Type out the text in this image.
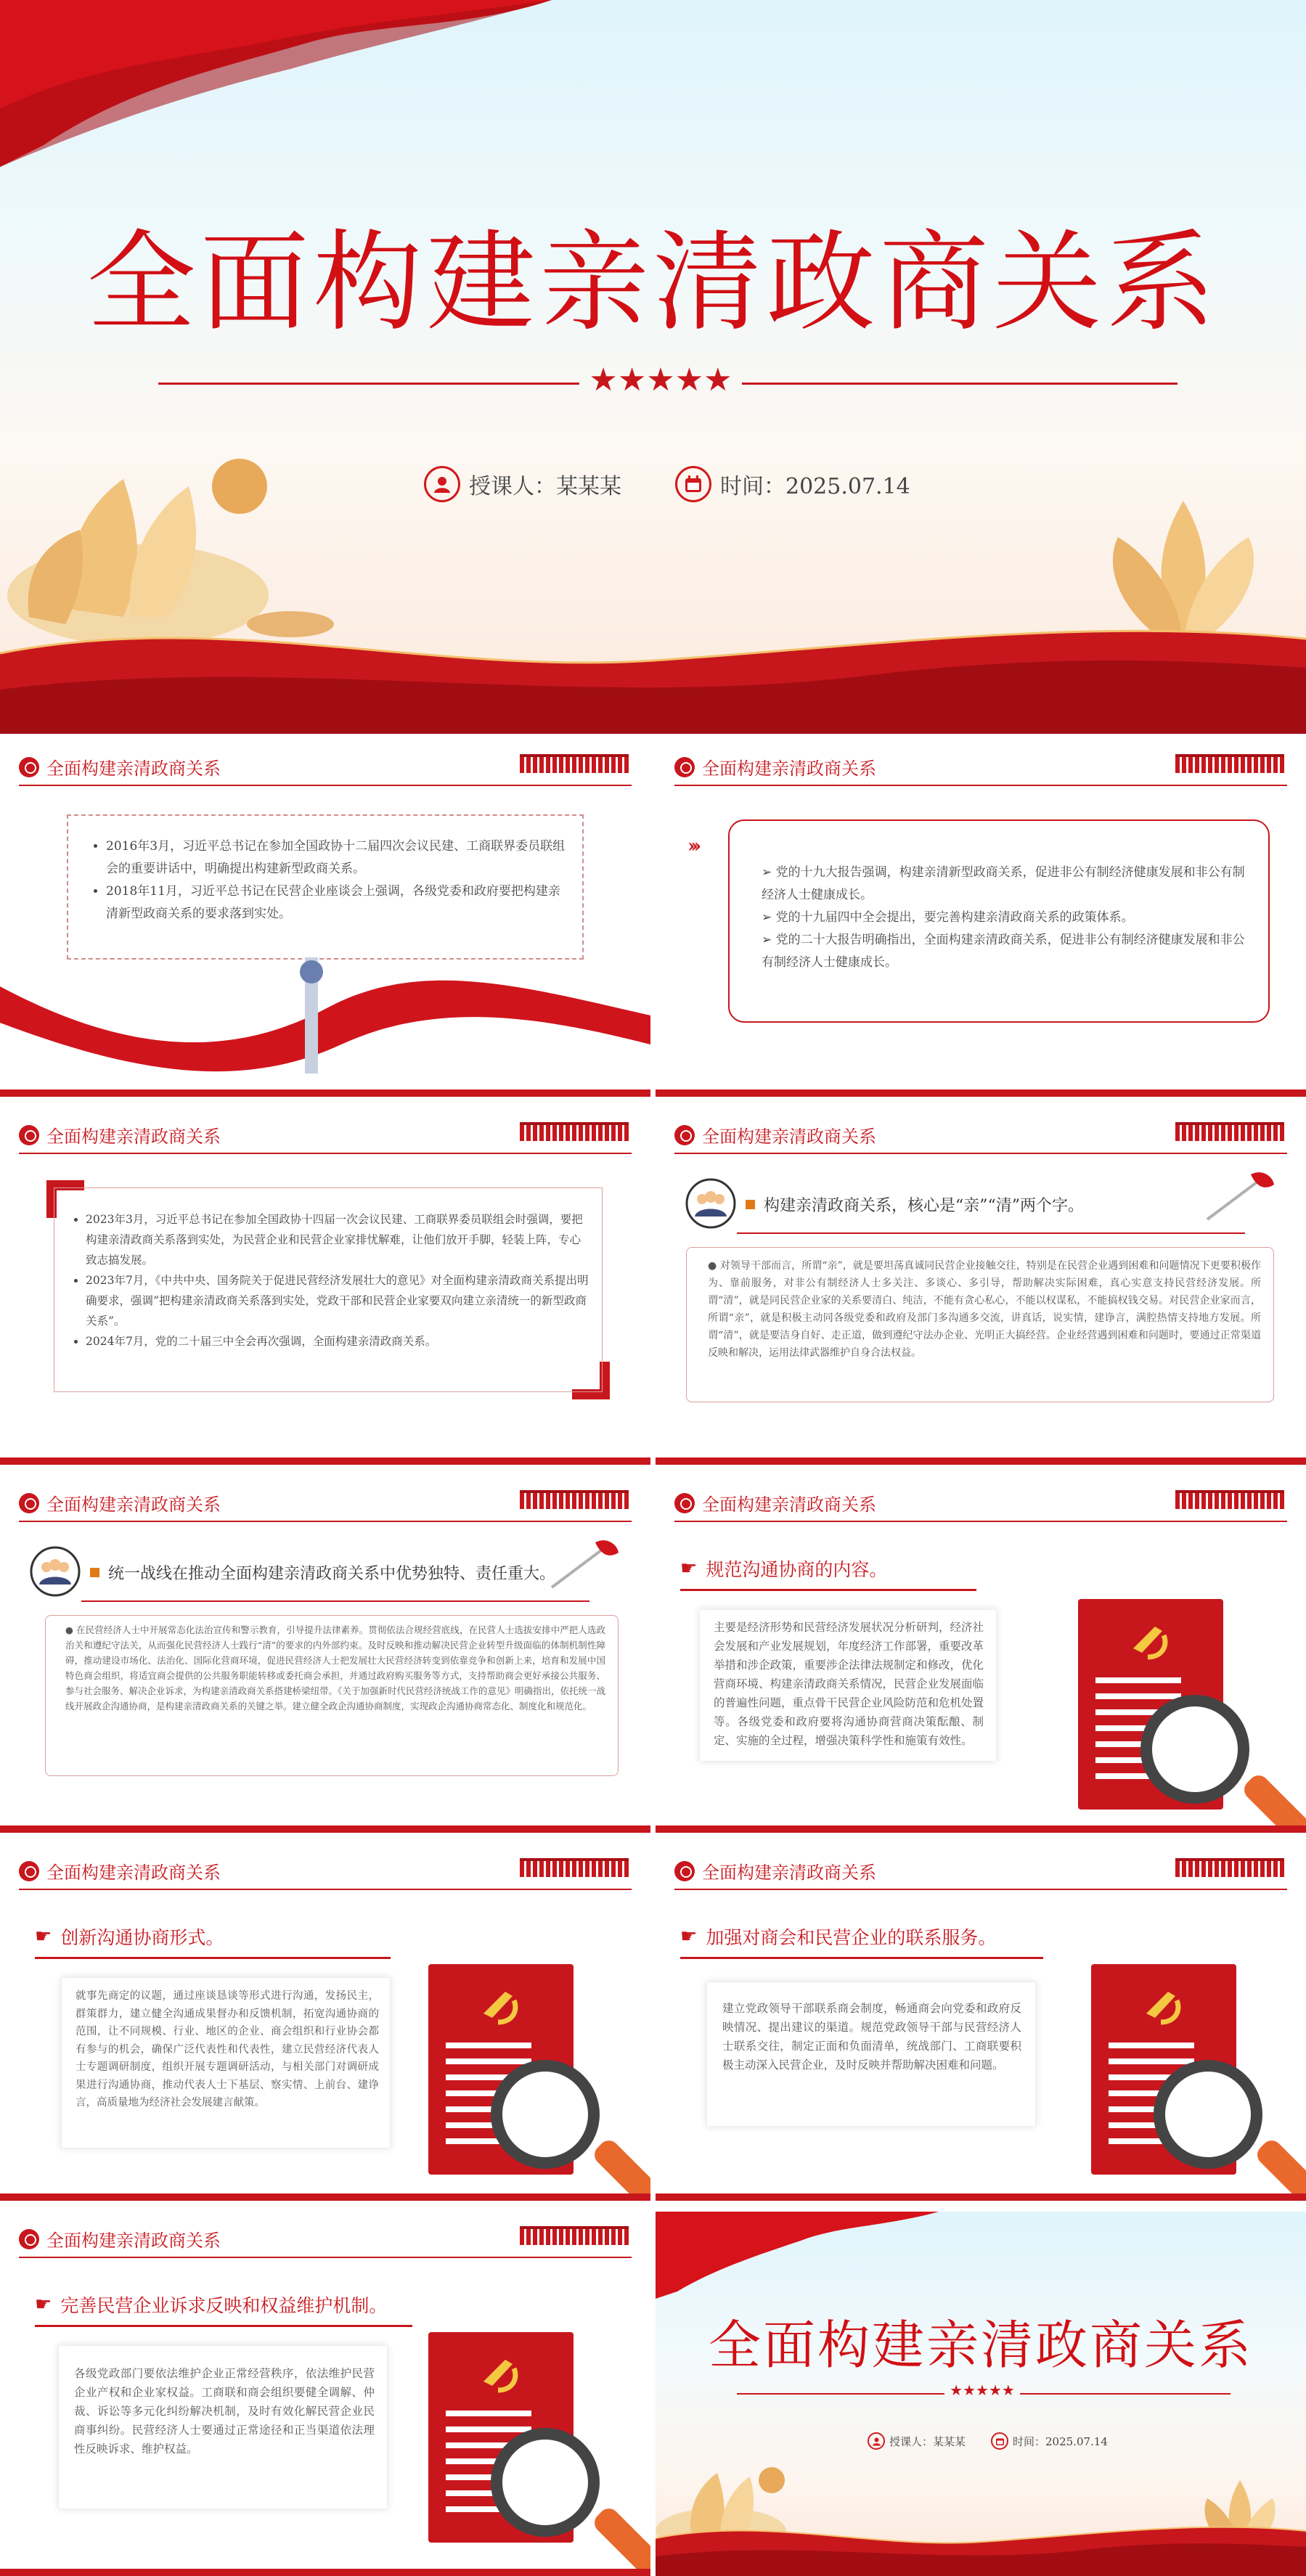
全面构建亲清政商关系
★★★★★
授课人：某某某	时间：2025.07.14
全面构建亲清政商关系
• 2016年3月，习近平总书记在参加全国政协十二届四次会议民建、工商联界委员联组会的重要讲话中，明确提出构建新型政商关系。
• 2018年11月，习近平总书记在民营企业座谈会上强调，各级党委和政府要把构建亲清新型政商关系的要求落到实处。
全面构建亲清政商关系
›››
➢ 党的十九大报告强调，构建亲清新型政商关系，促进非公有制经济健康发展和非公有制经济人士健康成长。
➢ 党的十九届四中全会提出，要完善构建亲清政商关系的政策体系。
➢ 党的二十大报告明确指出，全面构建亲清政商关系，促进非公有制经济健康发展和非公有制经济人士健康成长。
全面构建亲清政商关系
• 2023年3月，习近平总书记在参加全国政协十四届一次会议民建、工商联界委员联组会时强调，要把构建亲清政商关系落到实处，为民营企业和民营企业家排忧解难，让他们放开手脚，轻装上阵，专心致志搞发展。
• 2023年7月，《中共中央、国务院关于促进民营经济发展壮大的意见》对全面构建亲清政商关系提出明确要求，强调“把构建亲清政商关系落到实处，党政干部和民营企业家要双向建立亲清统一的新型政商关系”。
• 2024年7月，党的二十届三中全会再次强调，全面构建亲清政商关系。
全面构建亲清政商关系
构建亲清政商关系，核心是“亲”“清”两个字。
● 对领导干部而言，所谓“亲”，就是要坦荡真诚同民营企业接触交往，特别是在民营企业遇到困难和问题情况下更要积极作为、靠前服务，对非公有制经济人士多关注、多谈心、多引导，帮助解决实际困难，真心实意支持民营经济发展。所谓“清”，就是同民营企业家的关系要清白、纯洁，不能有贪心私心，不能以权谋私，不能搞权钱交易。对民营企业家而言，所谓“亲”，就是积极主动同各级党委和政府及部门多沟通多交流，讲真话，说实情，建诤言，满腔热情支持地方发展。所谓“清”，就是要洁身自好、走正道，做到遵纪守法办企业、光明正大搞经营。企业经营遇到困难和问题时，要通过正常渠道反映和解决，运用法律武器维护自身合法权益。
全面构建亲清政商关系
统一战线在推动全面构建亲清政商关系中优势独特、责任重大。
● 在民营经济人士中开展常态化法治宣传和警示教育，引导提升法律素养。贯彻依法合规经营底线，在民营人士选拔安排中严把人选政治关和遵纪守法关，从而强化民营经济人士践行“清”的要求的内外部约束。及时反映和推动解决民营企业转型升级面临的体制机制性障碍，推动建设市场化、法治化、国际化营商环境，促进民营经济人士把发展壮大民营经济转变到依靠竞争和创新上来，培育和发展中国特色商会组织，将适宜商会提供的公共服务职能转移或委托商会承担，并通过政府购买服务等方式，支持帮助商会更好承接公共服务、参与社会服务、解决企业诉求，为构建亲清政商关系搭建桥梁纽带。《关于加强新时代民营经济统战工作的意见》明确指出，依托统一战线开展政企沟通协商，是构建亲清政商关系的关键之举。建立健全政企沟通协商制度，实现政企沟通协商常态化、制度化和规范化。
全面构建亲清政商关系
☛ 规范沟通协商的内容。
主要是经济形势和民营经济发展状况分析研判，经济社会发展和产业发展规划，年度经济工作部署，重要改革举措和涉企政策，重要涉企法律法规制定和修改，优化营商环境、构建亲清政商关系情况，民营企业发展面临的普遍性问题，重点骨干民营企业风险防范和危机处置等。各级党委和政府要将沟通协商营商决策酝酿、制定、实施的全过程，增强决策科学性和施策有效性。
全面构建亲清政商关系
☛ 创新沟通协商形式。
就事先商定的议题，通过座谈恳谈等形式进行沟通，发扬民主，群策群力，建立健全沟通成果督办和反馈机制，拓宽沟通协商的范围，让不同规模、行业、地区的企业、商会组织和行业协会都有参与的机会，确保广泛代表性和代表性，建立民营经济代表人士专题调研制度，组织开展专题调研活动，与相关部门对调研成果进行沟通协商，推动代表人士下基层、察实情、上前台、建诤言，高质量地为经济社会发展建言献策。
全面构建亲清政商关系
☛ 加强对商会和民营企业的联系服务。
建立党政领导干部联系商会制度，畅通商会向党委和政府反映情况、提出建议的渠道。规范党政领导干部与民营经济人士联系交往，制定正面和负面清单，统战部门、工商联要积极主动深入民营企业，及时反映并帮助解决困难和问题。
全面构建亲清政商关系
☛ 完善民营企业诉求反映和权益维护机制。
各级党政部门要依法维护企业正常经营秩序，依法维护民营企业产权和企业家权益。工商联和商会组织要健全调解、仲裁、诉讼等多元化纠纷解决机制，及时有效化解民营企业民商事纠纷。民营经济人士要通过正常途径和正当渠道依法理性反映诉求、维护权益。
全面构建亲清政商关系
★★★★★
授课人：某某某	时间：2025.07.14
